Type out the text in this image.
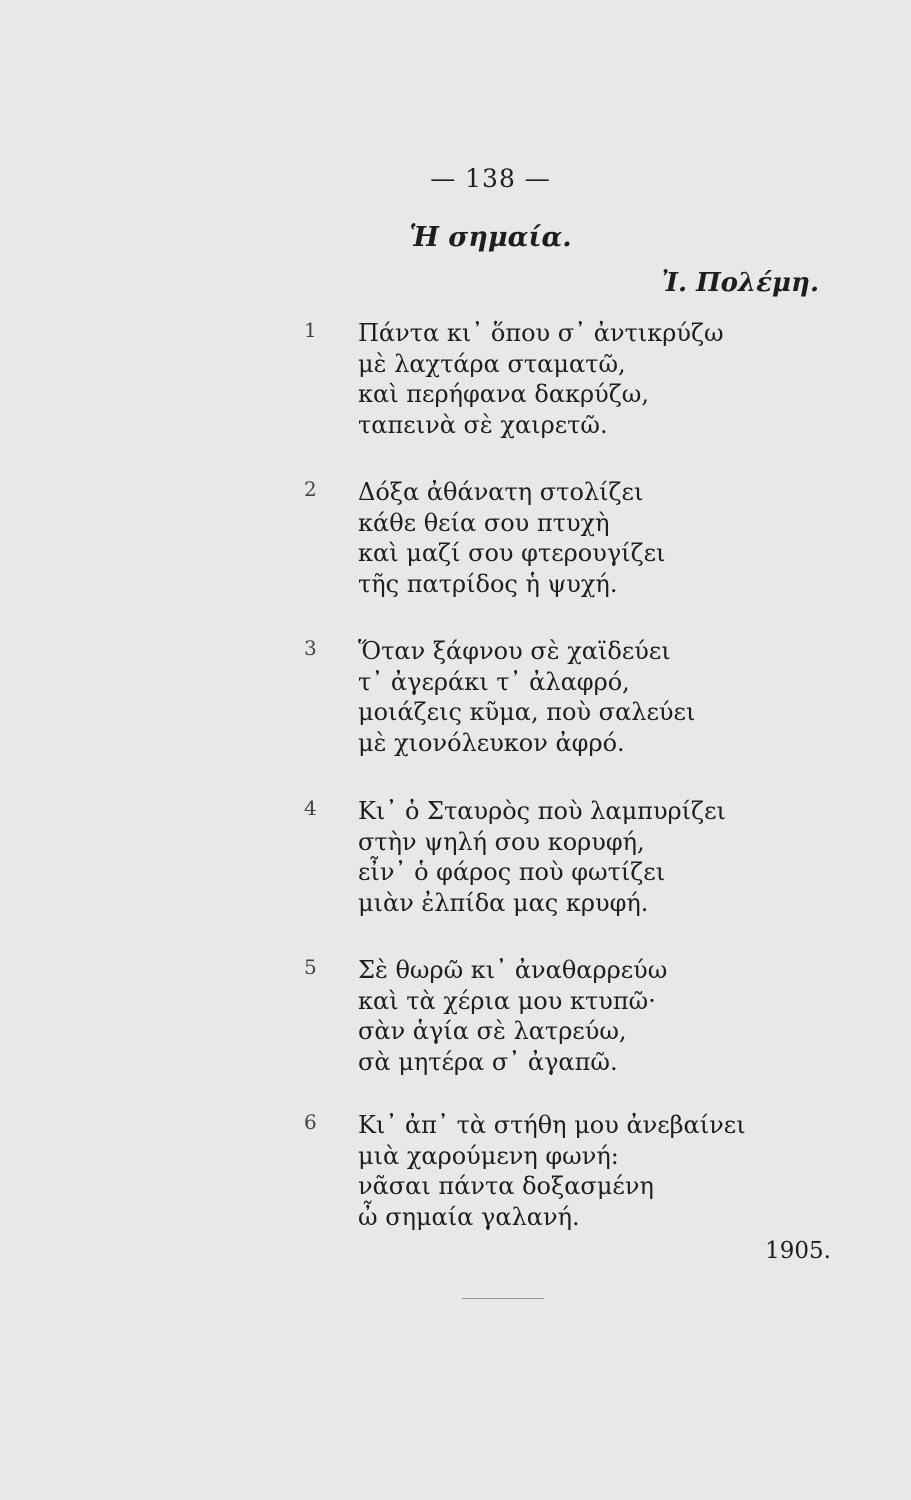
— 138 —
Ἡ σημαία.
Ἰ. Πολέμη.
1 Πάντα κι᾿ ὅπου σ᾿ ἀντικρύζω
μὲ λαχτάρα σταματῶ,
καὶ περήφανα δακρύζω,
ταπεινὰ σὲ χαιρετῶ.
2 Δόξα ἀθάνατη στολίζει
κάθε θεία σου πτυχὴ
καὶ μαζί σου φτερουγίζει
τῆς πατρίδος ἡ ψυχή.
3 Ὅταν ξάφνου σὲ χαϊδεύει
τ᾿ ἀγεράκι τ᾿ ἀλαφρό,
μοιάζεις κῦμα, ποὺ σαλεύει
μὲ χιονόλευκον ἀφρό.
4 Κι᾿ ὁ Σταυρὸς ποὺ λαμπυρίζει
στὴν ψηλή σου κορυφή,
εἶν᾿ ὁ φάρος ποὺ φωτίζει
μιὰν ἐλπίδα μας κρυφή.
5 Σὲ θωρῶ κι᾿ ἀναθαρρεύω
καὶ τὰ χέρια μου κτυπῶ·
σὰν ἁγία σὲ λατρεύω,
σὰ μητέρα σ᾿ ἀγαπῶ.
6 Κι᾿ ἀπ᾿ τὰ στήθη μου ἀνεβαίνει
μιὰ χαρούμενη φωνή:
νᾶσαι πάντα δοξασμένη
ὦ σημαία γαλανή.
1905.
